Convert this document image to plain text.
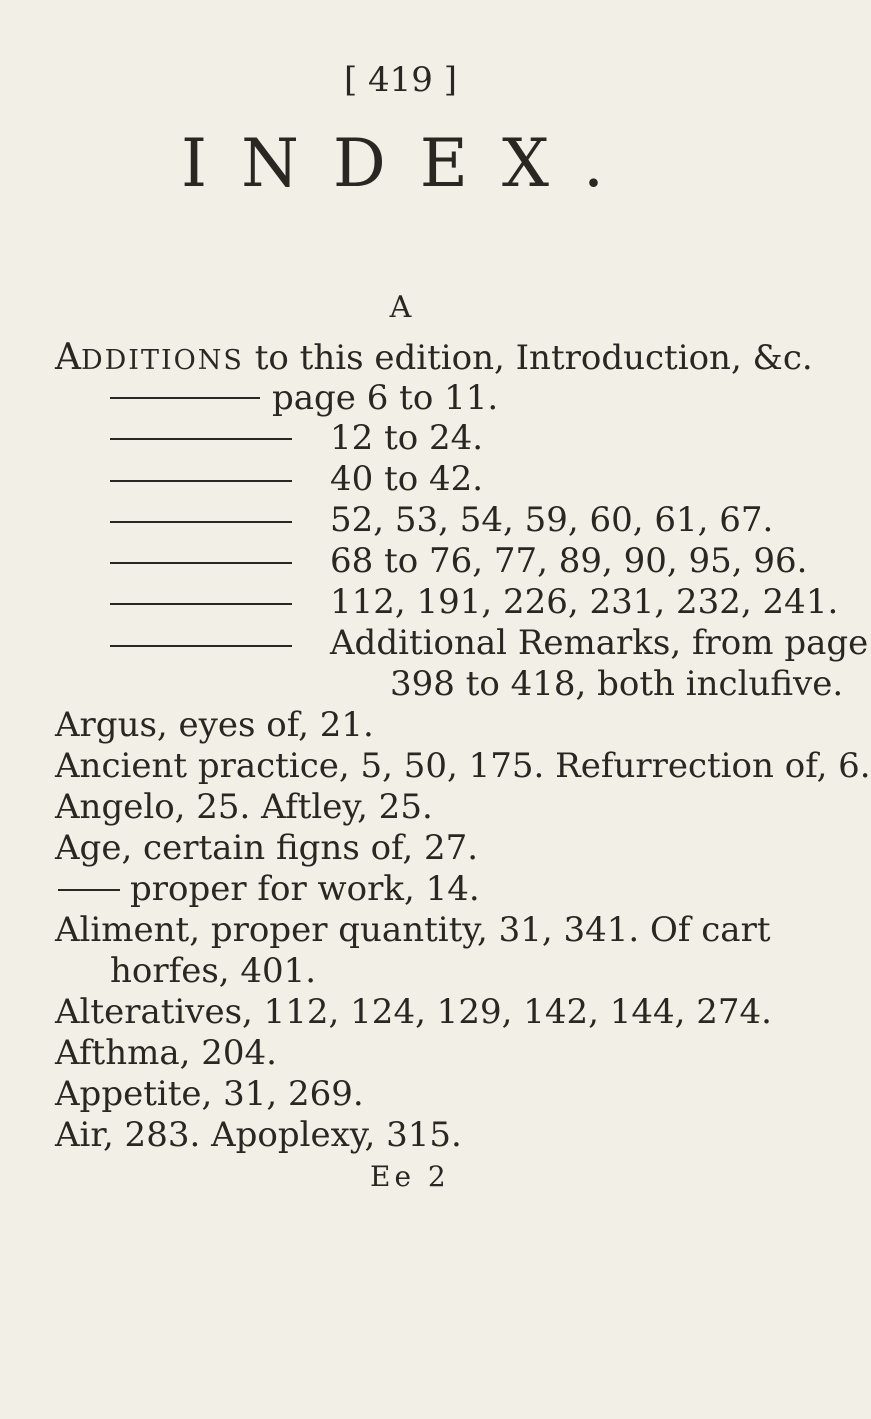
[ 419 ]
INDEX.
A
ADDITIONS to this edition, Introduction, &c.
page 6 to 11.
12 to 24.
40 to 42.
52, 53, 54, 59, 60, 61, 67.
68 to 76, 77, 89, 90, 95, 96.
112, 191, 226, 231, 232, 241.
Additional Remarks, from page
398 to 418, both inclufive.
Argus, eyes of, 21.
Ancient practice, 5, 50, 175. Refurrection of, 6.
Angelo, 25. Aftley, 25.
Age, certain figns of, 27.
proper for work, 14.
Aliment, proper quantity, 31, 341. Of cart
horfes, 401.
Alteratives, 112, 124, 129, 142, 144, 274.
Afthma, 204.
Appetite, 31, 269.
Air, 283. Apoplexy, 315.
Ee 2
